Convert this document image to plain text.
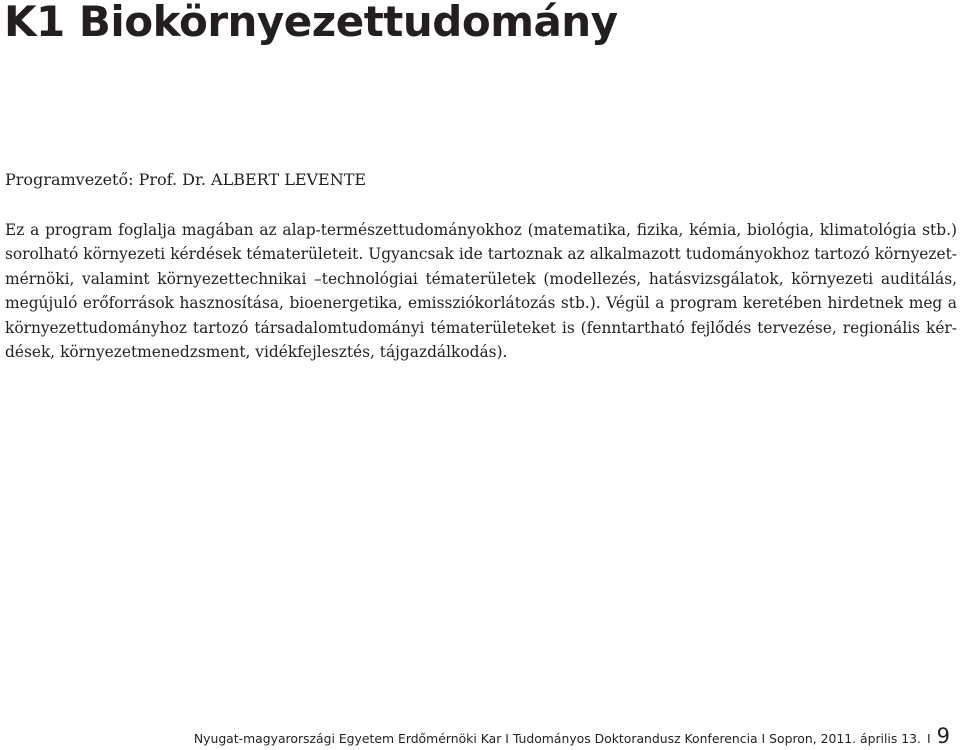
K1 Biokörnyezettudomány

Programvezető: Prof. Dr. ALBERT LEVENTE

Ez a program foglalja magában az alap-természettudományokhoz (matematika, fizika, kémia, biológia, klimatológia stb.)
sorolható környezeti kérdések tématerületeit. Ugyancsak ide tartoznak az alkalmazott tudományokhoz tartozó környezet-
mérnöki, valamint környezettechnikai –technológiai tématerületek (modellezés, hatásvizsgálatok, környezeti auditálás,
megújuló erőforrások hasznosítása, bioenergetika, emissziókorlátozás stb.). Végül a program keretében hirdetnek meg a
környezettudományhoz tartozó társadalomtudományi tématerületeket is (fenntartható fejlődés tervezése, regionális kér-
dések, környezetmenedzsment, vidékfejlesztés, tájgazdálkodás).
Nyugat-magyarországi Egyetem Erdőmérnöki Kar I Tudományos Doktorandusz Konferencia I Sopron, 2011. április 13. I 9
